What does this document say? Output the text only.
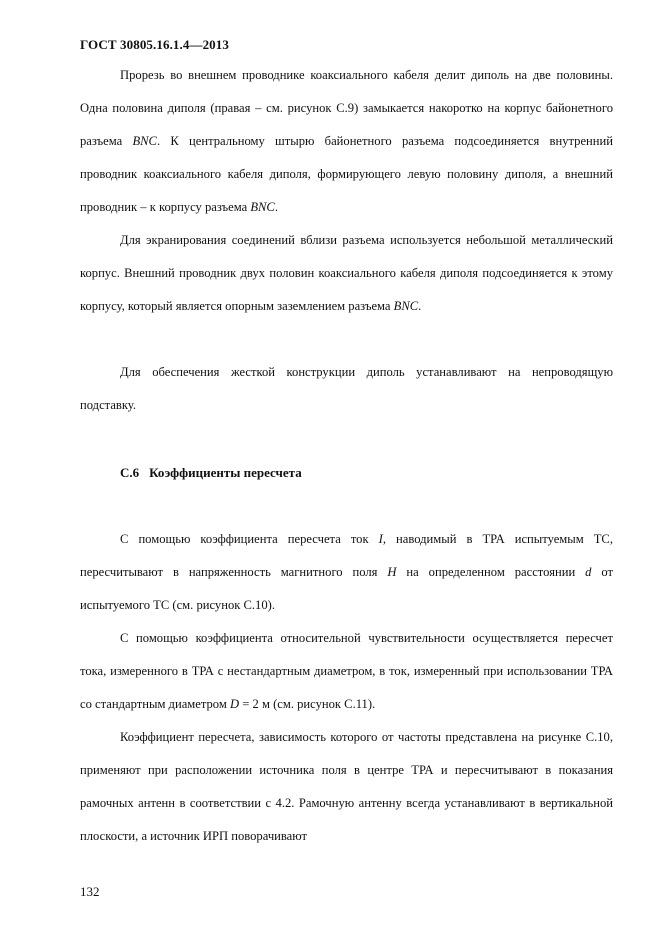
ГОСТ 30805.16.1.4—2013

Прорезь во внешнем проводнике коаксиального кабеля делит диполь на две половины. Одна половина диполя (правая – см. рисунок С.9) замыкается накоротко на корпус байонетного разъема BNC. К центральному штырю байонетного разъема подсоединяется внутренний проводник коаксиального кабеля диполя, формирующего левую половину диполя, а внешний проводник – к корпусу разъема BNC.

Для экранирования соединений вблизи разъема используется небольшой металлический корпус. Внешний проводник двух половин коаксиального кабеля диполя подсоединяется к этому корпусу, который является опорным заземлением разъема BNC.

Для обеспечения жесткой конструкции диполь устанавливают на непроводящую подставку.

С.6 Коэффициенты пересчета

С помощью коэффициента пересчета ток I, наводимый в ТРА испытуемым ТС, пересчитывают в напряженность магнитного поля H на определенном расстоянии d от испытуемого ТС (см. рисунок С.10).

С помощью коэффициента относительной чувствительности осуществляется пересчет тока, измеренного в ТРА с нестандартным диаметром, в ток, измеренный при использовании ТРА со стандартным диаметром D = 2 м (см. рисунок С.11).

Коэффициент пересчета, зависимость которого от частоты представлена на рисунке С.10, применяют при расположении источника поля в центре ТРА и пересчитывают в показания рамочных антенн в соответствии с 4.2. Рамочную антенну всегда устанавливают в вертикальной плоскости, а источник ИРП поворачивают

132
